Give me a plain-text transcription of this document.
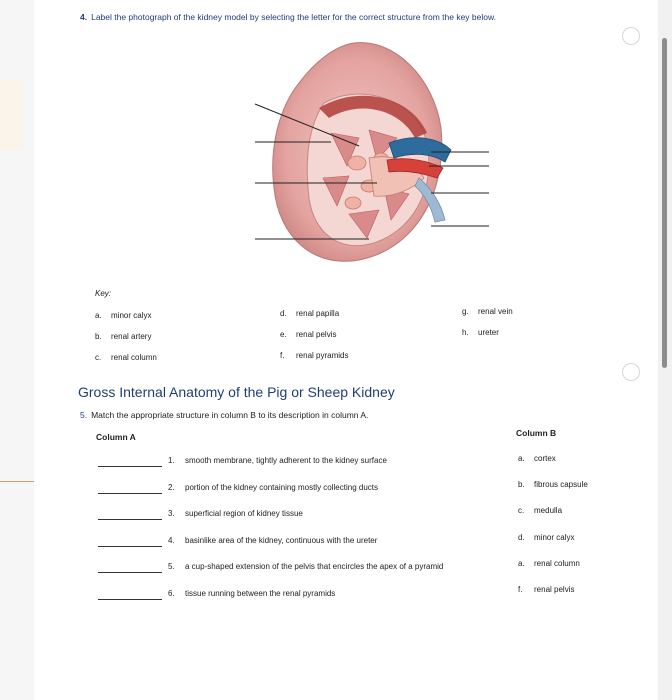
4. Label the photograph of the kidney model by selecting the letter for the correct structure from the key below.
Key:
a. minor calyx
b. renal artery
c. renal column
d. renal papilla
e. renal pelvis
f. renal pyramids
g. renal vein
h. ureter
Gross Internal Anatomy of the Pig or Sheep Kidney
5. Match the appropriate structure in column B to its description in column A.
Column A	Column B
1. smooth membrane, tightly adherent to the kidney surface
2. portion of the kidney containing mostly collecting ducts
3. superficial region of kidney tissue
4. basinlike area of the kidney, continuous with the ureter
5. a cup-shaped extension of the pelvis that encircles the apex of a pyramid
6. tissue running between the renal pyramids
a. cortex
b. fibrous capsule
c. medulla
d. minor calyx
a. renal column
f. renal pelvis
